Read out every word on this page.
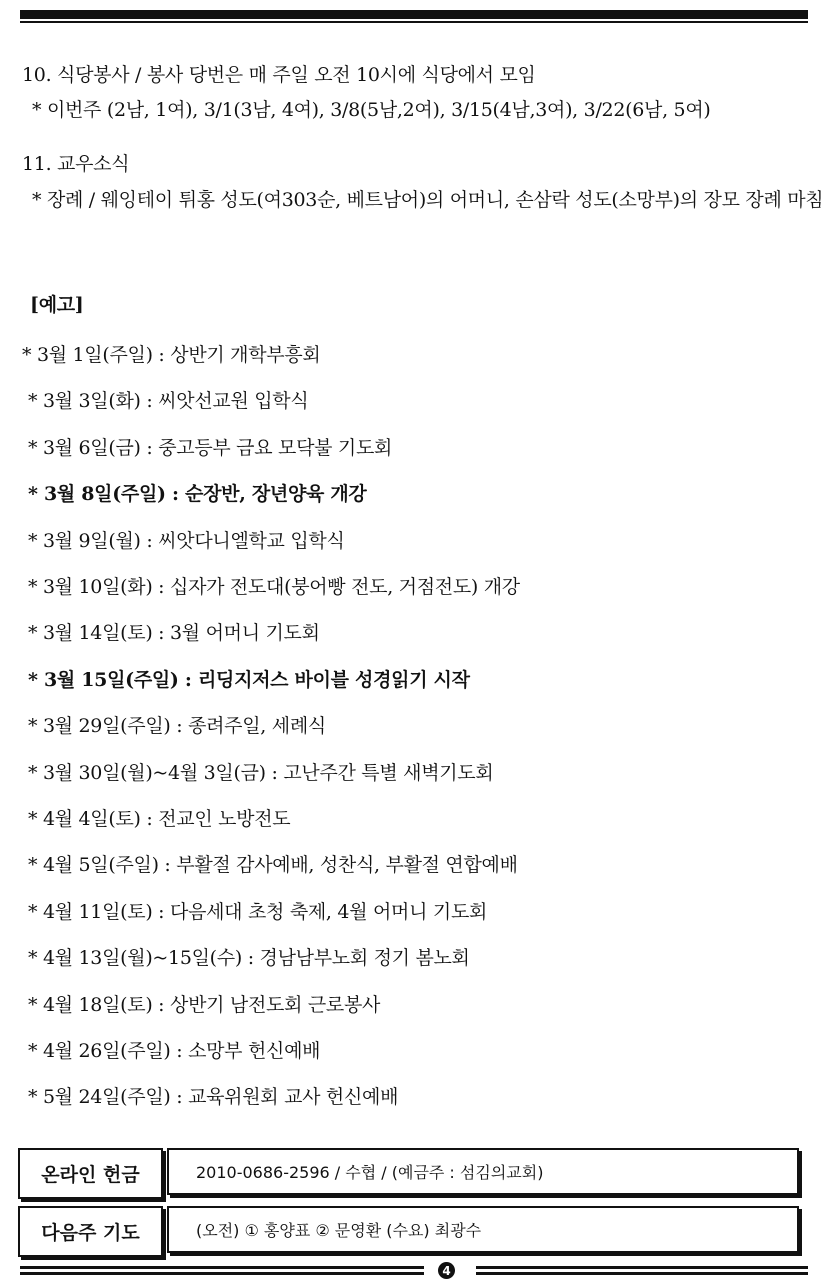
10. 식당봉사 / 봉사 당번은 매 주일 오전 10시에 식당에서 모임
* 이번주 (2남, 1여), 3/1(3남, 4여), 3/8(5남,2여), 3/15(4남,3여), 3/22(6남, 5여)
11. 교우소식
* 장례 / 웨잉테이 튀홍 성도(여303순, 베트남어)의 어머니, 손삼락 성도(소망부)의 장모 장례 마침
[예고]
* 3월 1일(주일) : 상반기 개학부흥회
* 3월 3일(화) : 씨앗선교원 입학식
* 3월 6일(금) : 중고등부 금요 모닥불 기도회
* 3월 8일(주일) : 순장반, 장년양육 개강
* 3월 9일(월) : 씨앗다니엘학교 입학식
* 3월 10일(화) : 십자가 전도대(붕어빵 전도, 거점전도) 개강
* 3월 14일(토) : 3월 어머니 기도회
* 3월 15일(주일) : 리딩지저스 바이블 성경읽기 시작
* 3월 29일(주일) : 종려주일, 세례식
* 3월 30일(월)~4월 3일(금) : 고난주간 특별 새벽기도회
* 4월 4일(토) : 전교인 노방전도
* 4월 5일(주일) : 부활절 감사예배, 성찬식, 부활절 연합예배
* 4월 11일(토) : 다음세대 초청 축제, 4월 어머니 기도회
* 4월 13일(월)~15일(수) : 경남남부노회 정기 봄노회
* 4월 18일(토) : 상반기 남전도회 근로봉사
* 4월 26일(주일) : 소망부 헌신예배
* 5월 24일(주일) : 교육위원회 교사 헌신예배
온라인 헌금	2010-0686-2596 / 수협 / (예금주 : 섬김의교회)
다음주 기도	(오전) ① 홍양표 ② 문영환 (수요) 최광수
4
